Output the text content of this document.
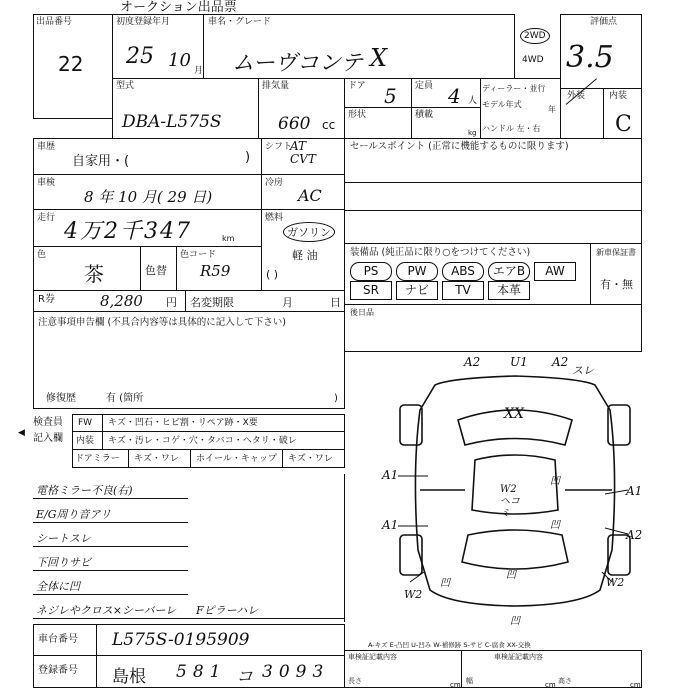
オークション出品票
出品番号
22
初度登録年月
25 10 月
車名・グレード
ムーヴコンテ X
2WD
4WD
評価点
3.5
外装	内装
C
型式
DBA-L575S
排気量
660 cc
ドア 5 定員 4 人
形状	積載
kg
ディーラー・並行
モデル年式
年
ハンドル 左・右
車歴
自家用・(	)
シフト
AT CVT
セールスポイント (正常に機能するものに限ります)
車検
8 年 10 月( 29 日)
冷房
AC
走行
4万2千347	km
燃料
ガソリン
軽 油
( )
色
茶	色替
色コード
R59
装備品 (純正品に限り○をつけてください)	新車保証書
有・無
PS	PW	ABS	エアB	AW
SR	ナビ	TV	本革
R券	8,280 円 名変期限	月	日
注意事項申告欄 (不具合内容等は具体的に記入して下さい)
修復歴	有 (箇所	)
後日品
◀
検査員
記入欄
FW キズ・凹石・ヒビ割・リペア跡・X要
内装 キズ・汚レ・コゲ・穴・タバコ・ヘタリ・破レ
ドアミラー キズ・ワレ ホイール・キャップ キズ・ワレ
電格ミラー不良(右)
E/G周り音アリ
シートスレ
下回りサビ
全体に凹
ネジレやクロス×シーバーレ Fピラーハレ
A2 U1 A2
スレ
XX
A1
A1
W2 ヘコミ
凹
凹
A1
A2
凹
W2
W2
凹
凹
A-キズ E-凸凹 U-凹み W-補修跡 S-サビ C-腐食 XX-交換
車台番号 L575S-0195909
登録番号 島根 581 コ 3093
車検証記載内容
長さ	cm
車検証記載内容
幅	cm 高さ	cm
